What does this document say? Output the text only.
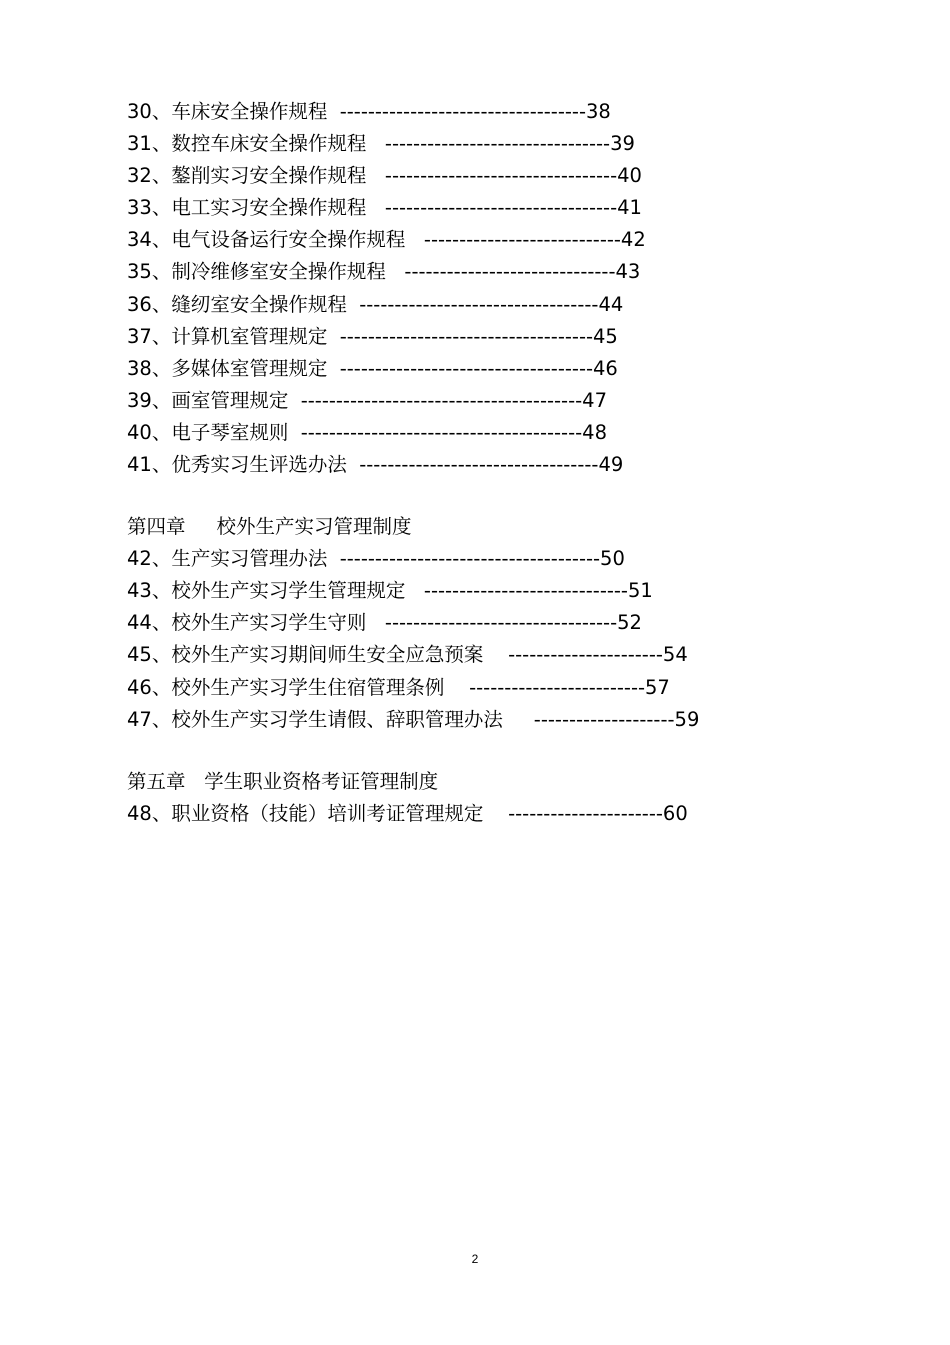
30、车床安全操作规程  -----------------------------------38
31、数控车床安全操作规程   --------------------------------39
32、鏊削实习安全操作规程   ---------------------------------40
33、电工实习安全操作规程   ---------------------------------41
34、电气设备运行安全操作规程   ----------------------------42
35、制冷维修室安全操作规程   ------------------------------43
36、缝纫室安全操作规程  ----------------------------------44
37、计算机室管理规定  ------------------------------------45
38、多媒体室管理规定  ------------------------------------46
39、画室管理规定  ----------------------------------------47
40、电子琴室规则  ----------------------------------------48
41、优秀实习生评选办法  ----------------------------------49
第四章     校外生产实习管理制度
42、生产实习管理办法  -------------------------------------50
43、校外生产实习学生管理规定   -----------------------------51
44、校外生产实习学生守则   ---------------------------------52
45、校外生产实习期间师生安全应急预案    ----------------------54
46、校外生产实习学生住宿管理条例    -------------------------57
47、校外生产实习学生请假、辞职管理办法     --------------------59
第五章   学生职业资格考证管理制度
48、职业资格（技能）培训考证管理规定    ----------------------60
2
